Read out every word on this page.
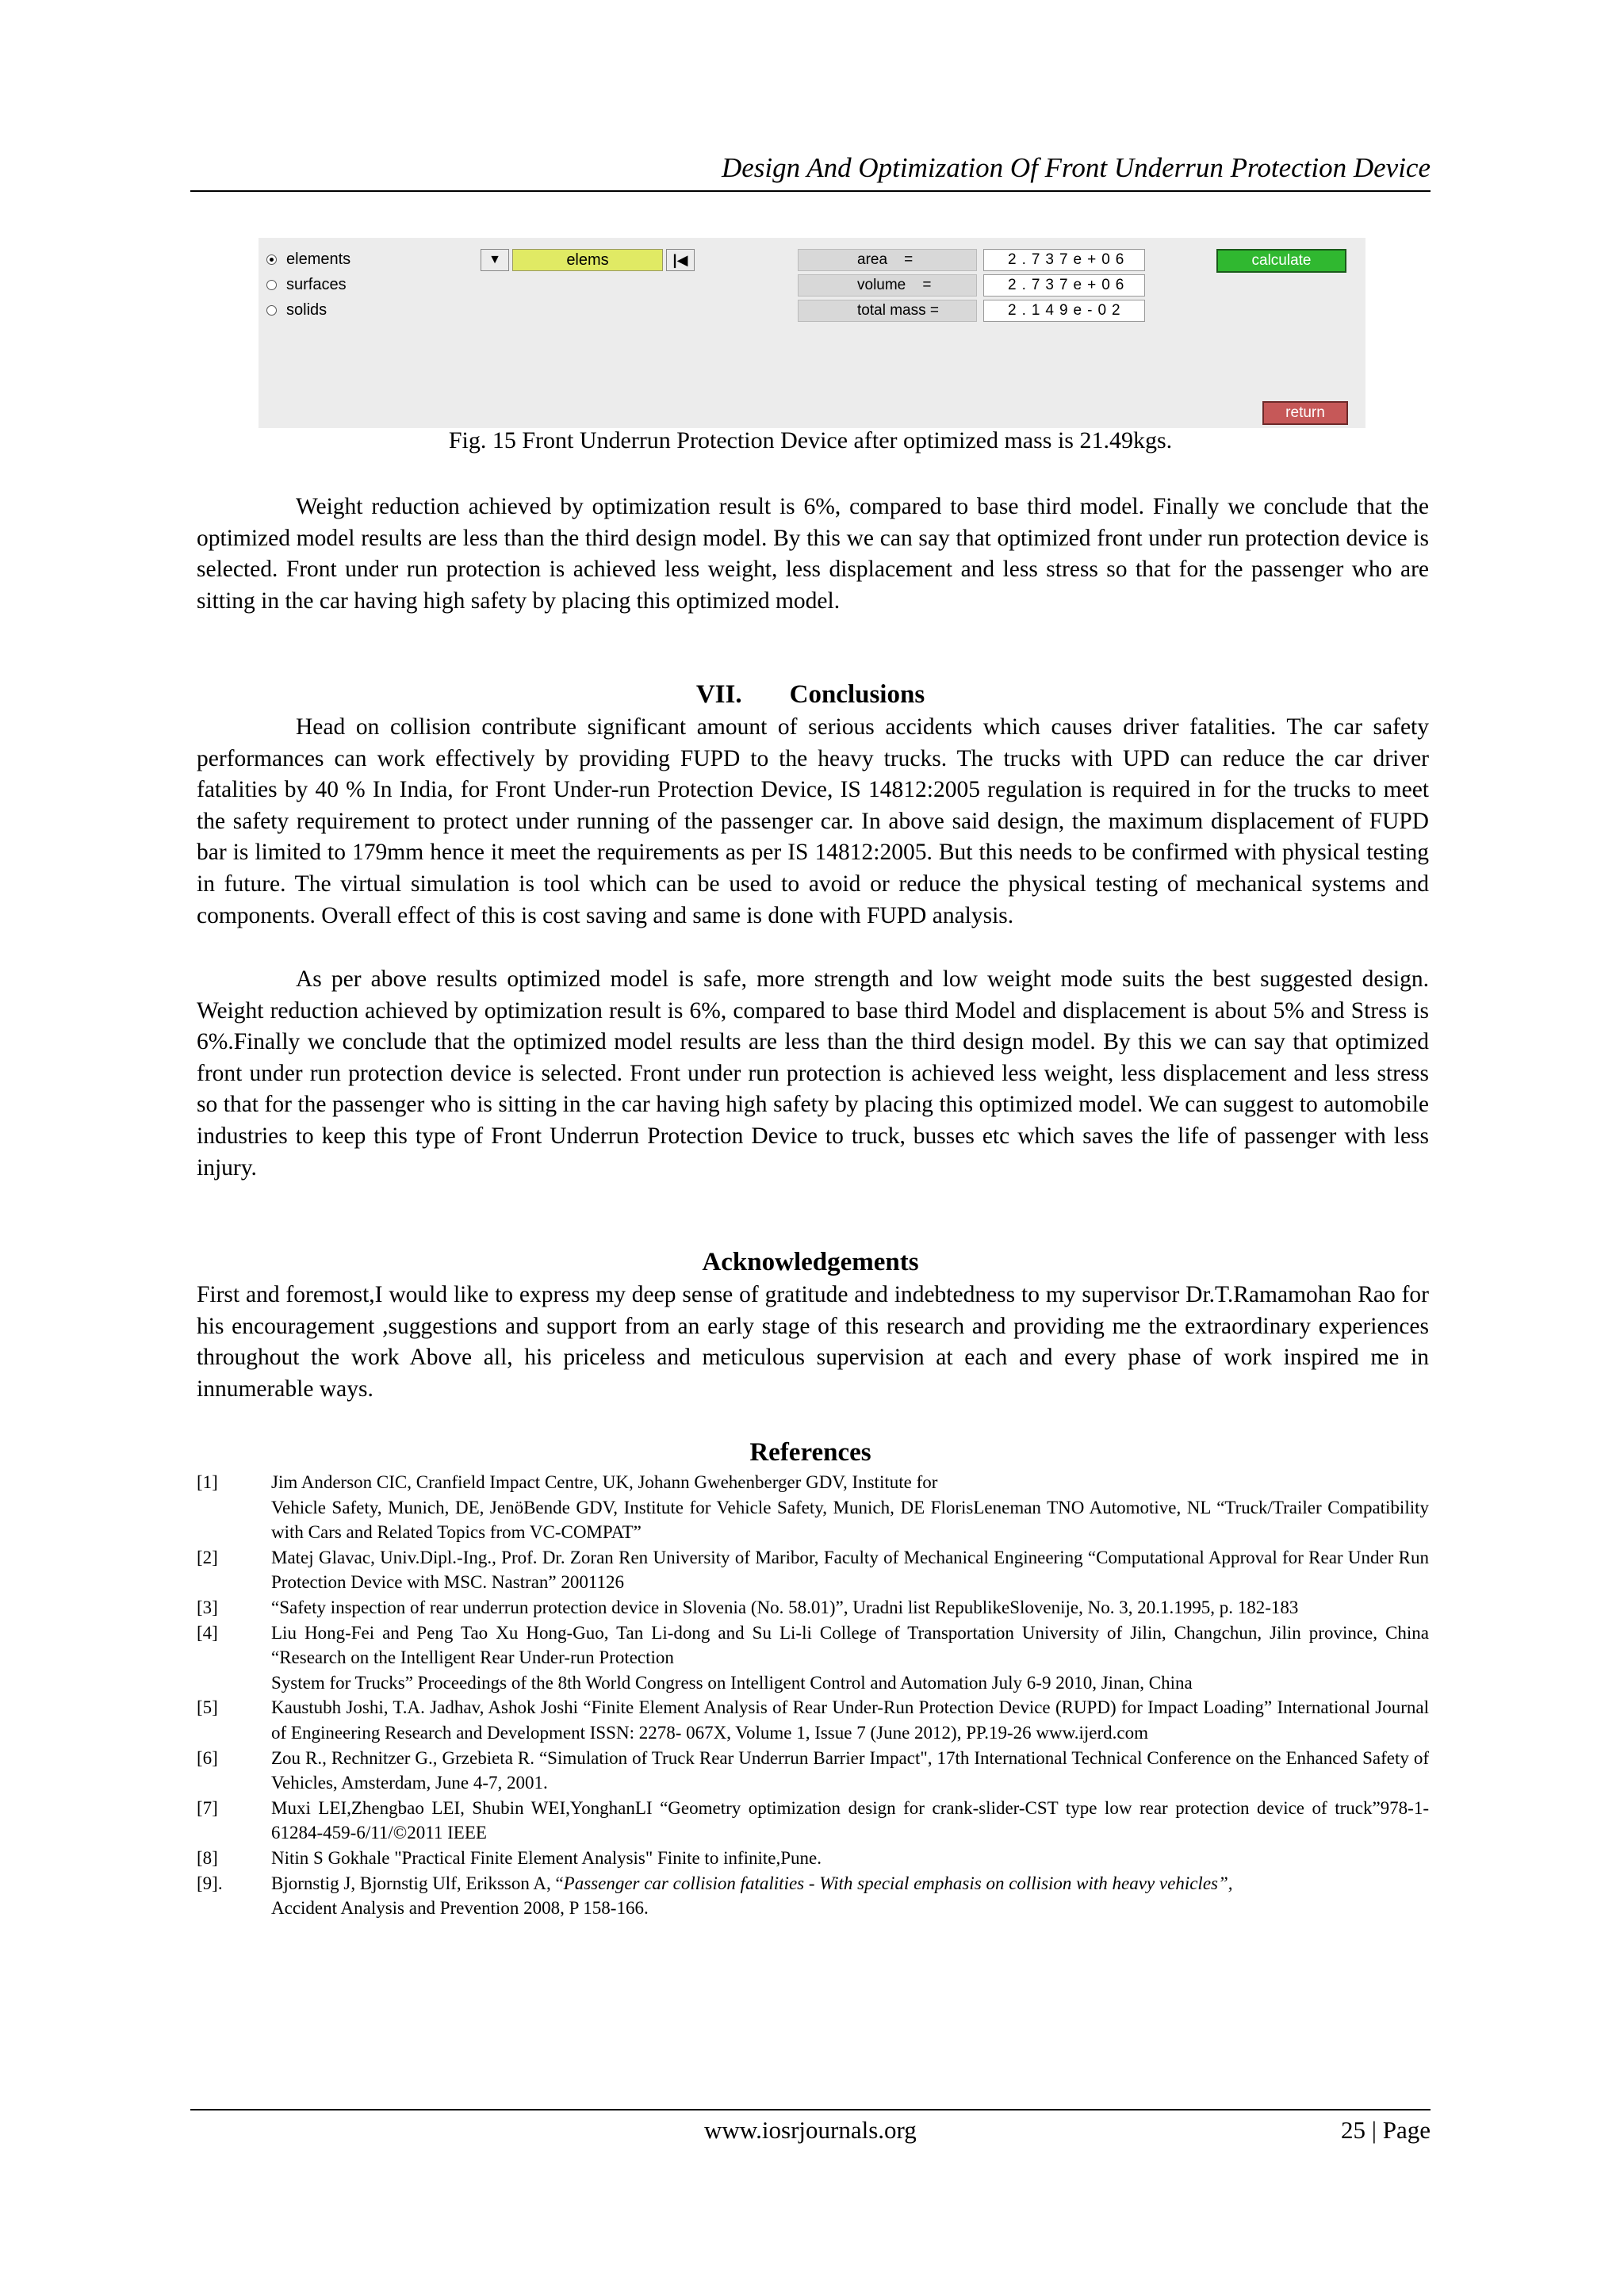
Design And Optimization Of Front Underrun Protection Device
elements
surfaces
solids
▼	elems	|◀	area =	2.737e+06
volume =	2.737e+06
total mass =	2.149e-02
calculate
return
Fig. 15 Front Underrun Protection Device after optimized mass is 21.49kgs.

Weight reduction achieved by optimization result is 6%, compared to base third model. Finally we conclude that the optimized model results are less than the third design model. By this we can say that optimized front under run protection device is selected. Front under run protection is achieved less weight, less displacement and less stress so that for the passenger who are sitting in the car having high safety by placing this optimized model.

VII. Conclusions

Head on collision contribute significant amount of serious accidents which causes driver fatalities. The car safety performances can work effectively by providing FUPD to the heavy trucks. The trucks with UPD can reduce the car driver fatalities by 40 % In India, for Front Under-run Protection Device, IS 14812:2005 regulation is required in for the trucks to meet the safety requirement to protect under running of the passenger car. In above said design, the maximum displacement of FUPD bar is limited to 179mm hence it meet the requirements as per IS 14812:2005. But this needs to be confirmed with physical testing in future. The virtual simulation is tool which can be used to avoid or reduce the physical testing of mechanical systems and components. Overall effect of this is cost saving and same is done with FUPD analysis.

As per above results optimized model is safe, more strength and low weight mode suits the best suggested design. Weight reduction achieved by optimization result is 6%, compared to base third Model and displacement is about 5% and Stress is 6%.Finally we conclude that the optimized model results are less than the third design model. By this we can say that optimized front under run protection device is selected. Front under run protection is achieved less weight, less displacement and less stress so that for the passenger who is sitting in the car having high safety by placing this optimized model. We can suggest to automobile industries to keep this type of Front Underrun Protection Device to truck, busses etc which saves the life of passenger with less injury.

Acknowledgements

First and foremost,I would like to express my deep sense of gratitude and indebtedness to my supervisor Dr.T.Ramamohan Rao for his encouragement ,suggestions and support from an early stage of this research and providing me the extraordinary experiences throughout the work Above all, his priceless and meticulous supervision at each and every phase of work inspired me in innumerable ways.

References
[1]	Jim Anderson CIC, Cranfield Impact Centre, UK, Johann Gwehenberger GDV, Institute for
Vehicle Safety, Munich, DE, JenöBende GDV, Institute for Vehicle Safety, Munich, DE FlorisLeneman TNO Automotive, NL “Truck/Trailer Compatibility with Cars and Related Topics from VC-COMPAT”
[2]	Matej Glavac, Univ.Dipl.-Ing., Prof. Dr. Zoran Ren University of Maribor, Faculty of Mechanical Engineering “Computational Approval for Rear Under Run Protection Device with MSC. Nastran” 2001126
[3]	“Safety inspection of rear underrun protection device in Slovenia (No. 58.01)”, Uradni list RepublikeSlovenije, No. 3, 20.1.1995, p. 182-183
[4]	Liu Hong-Fei and Peng Tao Xu Hong-Guo, Tan Li-dong and Su Li-li College of Transportation University of Jilin, Changchun, Jilin province, China “Research on the Intelligent Rear Under-run Protection
System for Trucks” Proceedings of the 8th World Congress on Intelligent Control and Automation July 6-9 2010, Jinan, China
[5]	Kaustubh Joshi, T.A. Jadhav, Ashok Joshi “Finite Element Analysis of Rear Under-Run Protection Device (RUPD) for Impact Loading” International Journal of Engineering Research and Development ISSN: 2278- 067X, Volume 1, Issue 7 (June 2012), PP.19-26 www.ijerd.com
[6]	Zou R., Rechnitzer G., Grzebieta R. “Simulation of Truck Rear Underrun Barrier Impact", 17th International Technical Conference on the Enhanced Safety of Vehicles, Amsterdam, June 4-7, 2001.
[7]	Muxi LEI,Zhengbao LEI, Shubin WEI,YonghanLI “Geometry optimization design for crank-slider-CST type low rear protection device of truck”978-1-61284-459-6/11/©2011 IEEE
[8]	Nitin S Gokhale "Practical Finite Element Analysis" Finite to infinite,Pune.
[9].	Bjornstig J, Bjornstig Ulf, Eriksson A, “Passenger car collision fatalities - With special emphasis on collision with heavy vehicles”,
Accident Analysis and Prevention 2008, P 158-166.
www.iosrjournals.org	25 | Page
